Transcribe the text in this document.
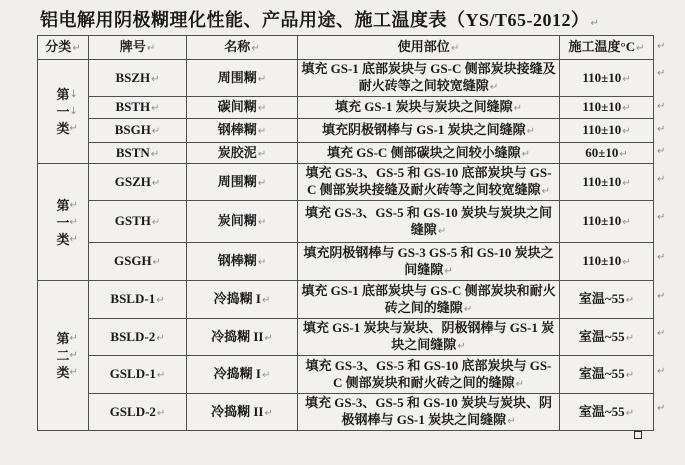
铝电解用阴极糊理化性能、产品用途、施工温度表（YS/T65-2012）↵
分类↵	牌号↵	名称↵	使用部位↵	施工温度°C↵

第 ↓
一 ↓
类 ↵
	BSZH↵	周围糊↵	填充 GS-1 底部炭块与 GS-C 侧部炭块接缝及耐火砖等之间较宽缝隙↵	110±10↵
	BSTH↵	碳间糊↵	填充 GS-1 炭块与炭块之间缝隙↵	110±10↵
	BSGH↵	钢棒糊↵	填充阴极钢棒与 GS-1 炭块之间缝隙↵	110±10↵
	BSTN↵	炭胶泥↵	填充 GS-C 侧部碳块之间较小缝隙↵	60±10↵

第 ↵
一 ↵
类 ↵
	GSZH↵	周围糊↵	填充 GS-3、GS-5 和 GS-10 底部炭块与 GS-C 侧部炭块接缝及耐火砖等之间较宽缝隙↵	110±10↵
	GSTH↵	炭间糊↵	填充 GS-3、GS-5 和 GS-10 炭块与炭块之间缝隙↵	110±10↵
	GSGH↵	钢棒糊↵	填充阴极钢棒与 GS-3 GS-5 和 GS-10 炭块之间缝隙↵	110±10↵

第 ↵
二 ↵
类 ↵
	BSLD-1↵	冷捣糊 I↵	填充 GS-1 底部炭块与 GS-C 侧部炭块和耐火砖之间的缝隙↵	室温~55↵
	BSLD-2↵	冷捣糊 II↵	填充 GS-1 炭块与炭块、阴极钢棒与 GS-1 炭块之间缝隙↵	室温~55↵
	GSLD-1↵	冷捣糊 I↵	填充 GS-3、GS-5 和 GS-10 底部炭块与 GS-C 侧部炭块和耐火砖之间的缝隙↵	室温~55↵
	GSLD-2↵	冷捣糊 II↵	填充 GS-3、GS-5 和 GS-10 炭块与炭块、阴极钢棒与 GS-1 炭块之间缝隙↵	室温~55↵
↵
↵
↵
↵
↵
↵
↵
↵
↵
↵
↵
↵
